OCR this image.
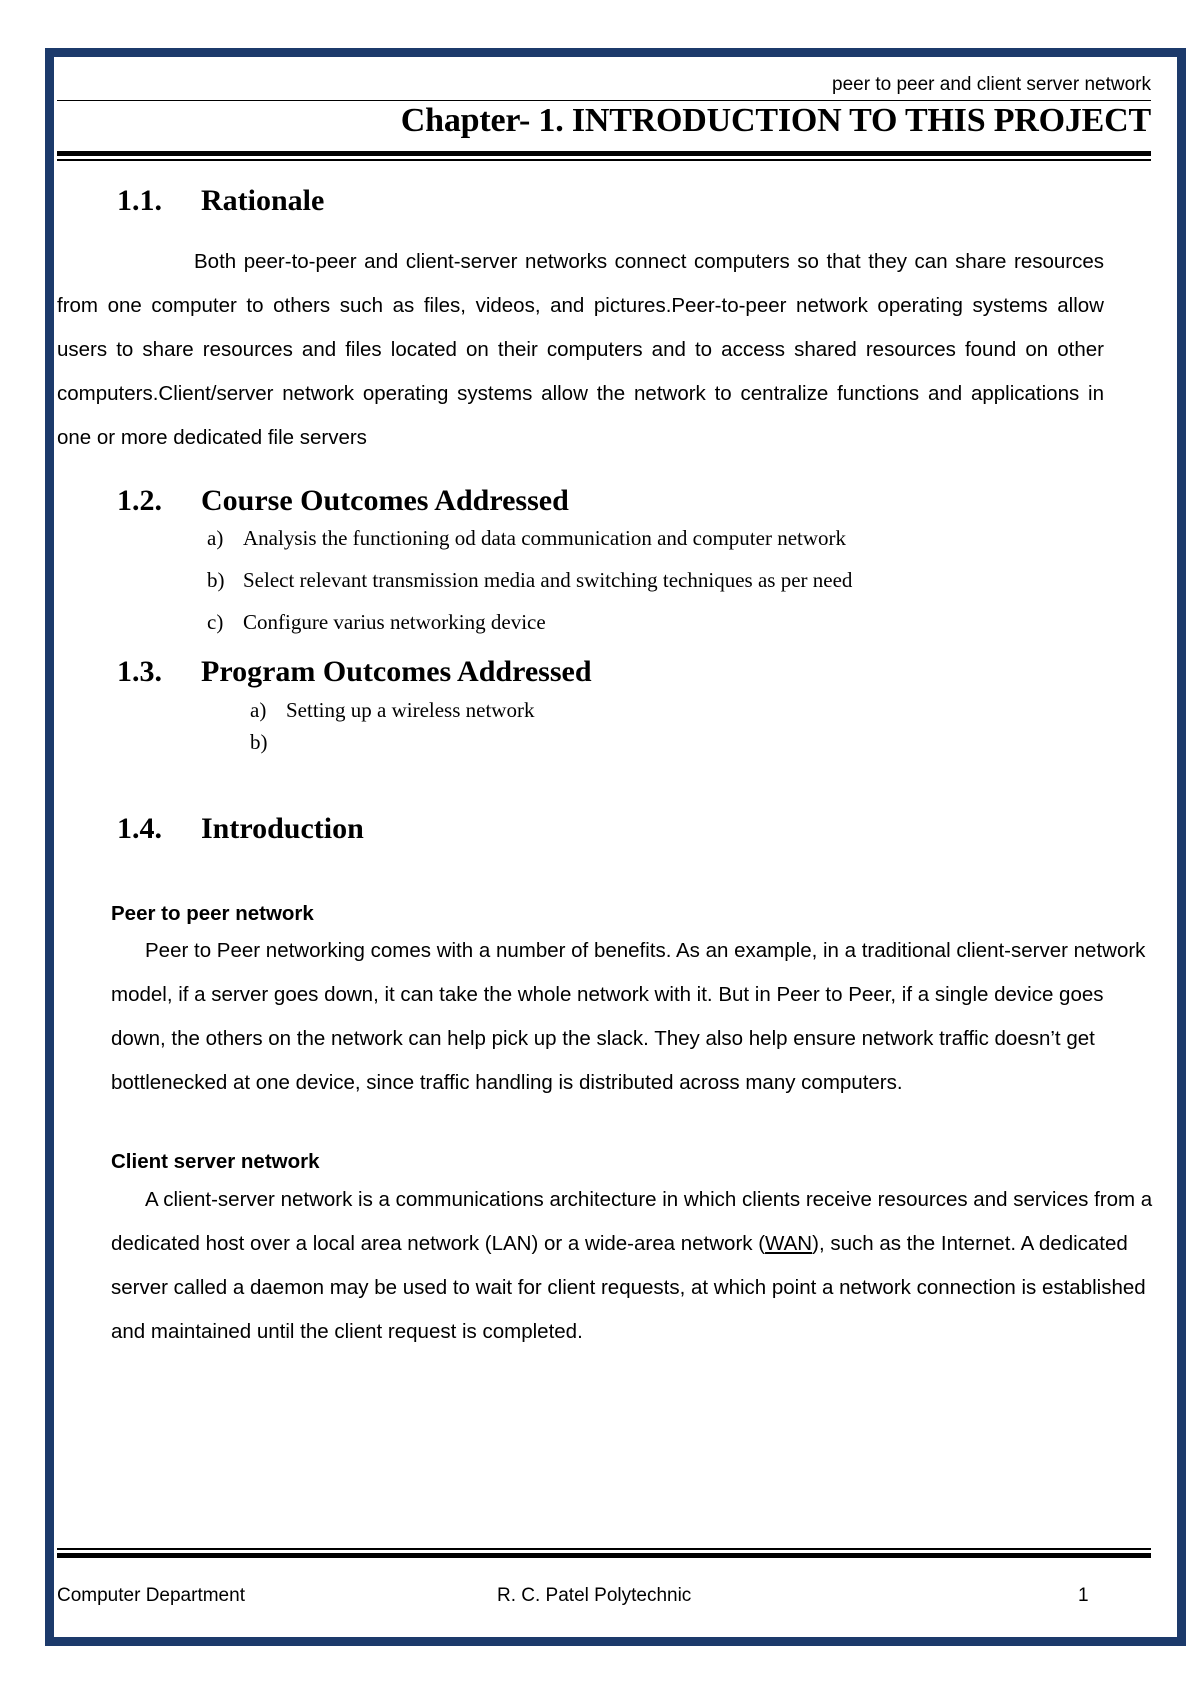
peer to peer and client server network
Chapter- 1. INTRODUCTION TO THIS PROJECT
1.1. Rationale
Both peer-to-peer and client-server networks connect computers so that they can share resources from one computer to others such as files, videos, and pictures.Peer-to-peer network operating systems allow users to share resources and files located on their computers and to access shared resources found on other computers.Client/server network operating systems allow the network to centralize functions and applications in one or more dedicated file servers
1.2. Course Outcomes Addressed
a) Analysis the functioning od data communication and computer network
b) Select relevant transmission media and switching techniques as per need
c) Configure varius networking device
1.3. Program Outcomes Addressed
a) Setting up a wireless network
b)
1.4. Introduction
Peer to peer network
Peer to Peer networking comes with a number of benefits. As an example, in a traditional client-server network model, if a server goes down, it can take the whole network with it. But in Peer to Peer, if a single device goes down, the others on the network can help pick up the slack. They also help ensure network traffic doesn’t get bottlenecked at one device, since traffic handling is distributed across many computers.
Client server network
A client-server network is a communications architecture in which clients receive resources and services from a dedicated host over a local area network (LAN) or a wide-area network (WAN), such as the Internet. A dedicated server called a daemon may be used to wait for client requests, at which point a network connection is established and maintained until the client request is completed.
Computer Department	R. C. Patel Polytechnic	1
